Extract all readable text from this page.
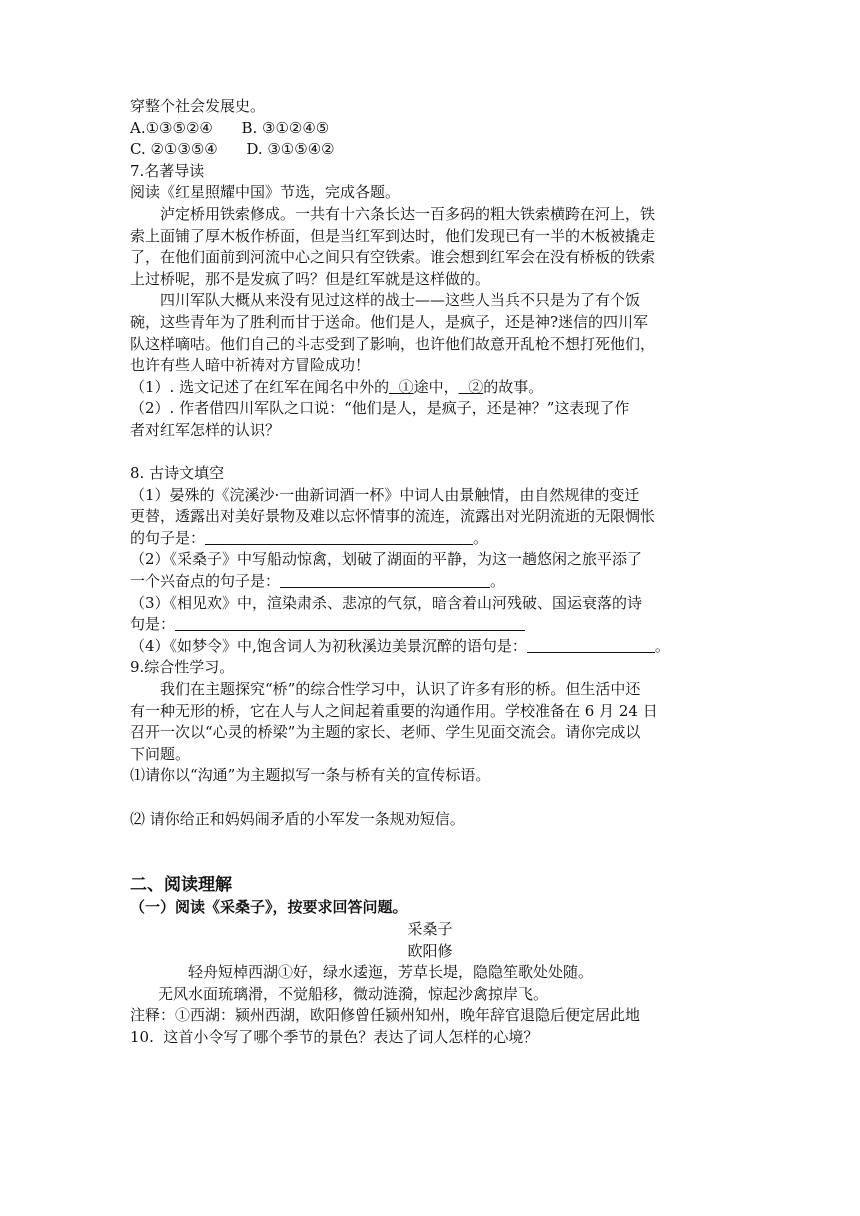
穿整个社会发展史。
A.①③⑤②④      B. ③①②④⑤
C. ②①③⑤④      D. ③①⑤④②
7.名著导读
阅读《红星照耀中国》节选，完成各题。
泸定桥用铁索修成。一共有十六条长达一百多码的粗大铁索横跨在河上，铁
索上面铺了厚木板作桥面，但是当红军到达时，他们发现已有一半的木板被撬走
了，在他们面前到河流中心之间只有空铁索。谁会想到红军会在没有桥板的铁索
上过桥呢，那不是发疯了吗？但是红军就是这样做的。
四川军队大概从来没有见过这样的战士——这些人当兵不只是为了有个饭
碗，这些青年为了胜利而甘于送命。他们是人，是疯子，还是神?迷信的四川军
队这样嘀咕。他们自己的斗志受到了影响，也许他们故意开乱枪不想打死他们，
也许有些人暗中祈祷对方冒险成功！
（1）. 选文记述了在红军在闻名中外的  ①途中，  ②的故事。
（2）. 作者借四川军队之口说：“他们是人，是疯子，还是神？”这表现了作
者对红军怎样的认识？
8. 古诗文填空
（1）晏殊的《浣溪沙·一曲新词酒一杯》中词人由景触情，由自然规律的变迁
更替，透露出对美好景物及难以忘怀情事的流连，流露出对光阴流逝的无限惆怅
的句子是：	。
（2）《采桑子》中写船动惊禽，划破了湖面的平静，为这一趟悠闲之旅平添了
一个兴奋点的句子是：	。
（3）《相见欢》中，渲染肃杀、悲凉的气氛，暗含着山河残破、国运衰落的诗
句是：
（4）《如梦令》中,饱含词人为初秋溪边美景沉醉的语句是：	。
9.综合性学习。
我们在主题探究“桥”的综合性学习中，认识了许多有形的桥。但生活中还
有一种无形的桥，它在人与人之间起着重要的沟通作用。学校准备在 6 月 24 日
召开一次以“心灵的桥梁”为主题的家长、老师、学生见面交流会。请你完成以
下问题。
⑴请你以“沟通”为主题拟写一条与桥有关的宣传标语。
⑵ 请你给正和妈妈闹矛盾的小军发一条规劝短信。
二、阅读理解
（一）阅读《采桑子》，按要求回答问题。
采桑子
欧阳修
轻舟短棹西湖①好，绿水逶迤，芳草长堤，隐隐笙歌处处随。
无风水面琉璃滑，不觉船移，微动涟漪，惊起沙禽掠岸飞。
注释：①西湖：颍州西湖，欧阳修曾任颍州知州，晚年辞官退隐后便定居此地
10.  这首小令写了哪个季节的景色？表达了词人怎样的心境？
